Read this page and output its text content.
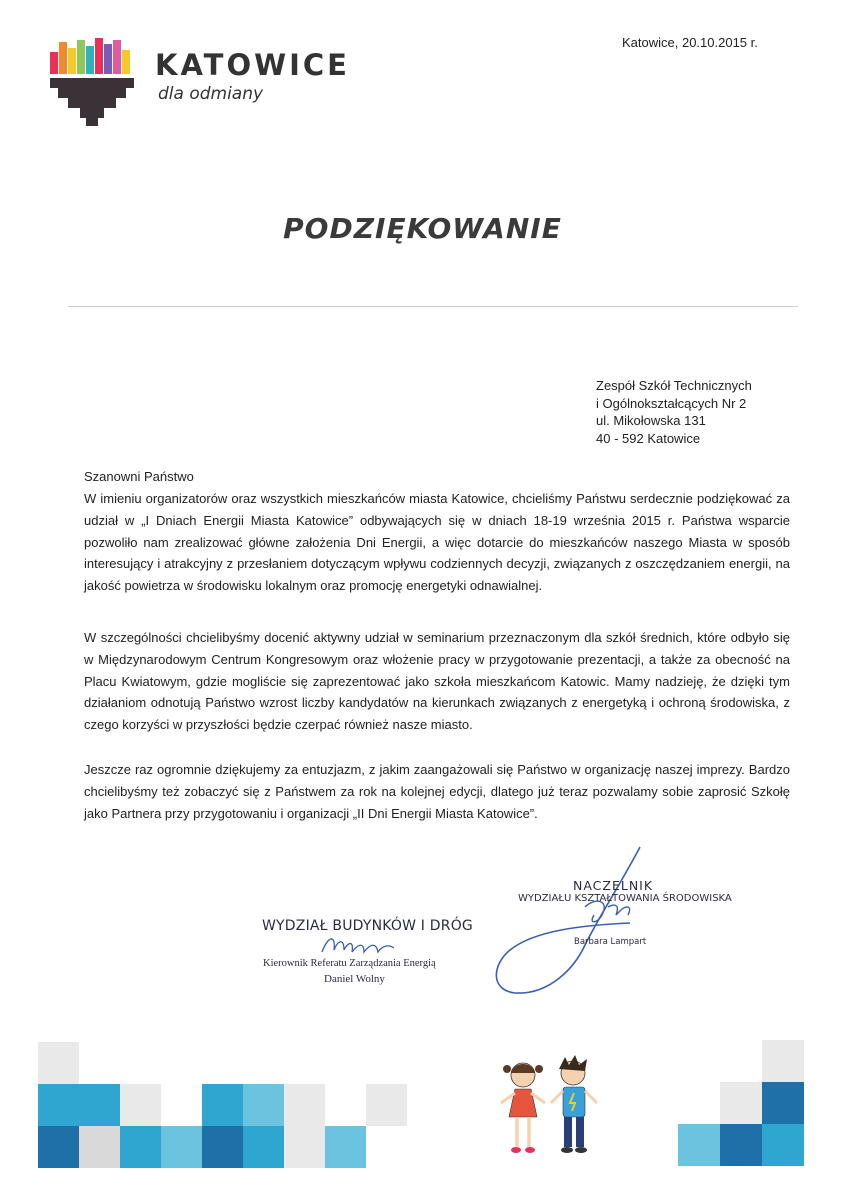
KATOWICE
dla odmiany
Katowice, 20.10.2015 r.
PODZIĘKOWANIE
Zespół Szkół Technicznych
i Ogólnokształcących Nr 2
ul. Mikołowska 131
40 - 592 Katowice
Szanowni Państwo
W imieniu organizatorów oraz wszystkich mieszkańców miasta Katowice, chcieliśmy Państwu serdecznie podziękować za udział w „I Dniach Energii Miasta Katowice” odbywających się w dniach 18-19 września 2015 r. Państwa wsparcie pozwoliło nam zrealizować główne założenia Dni Energii, a więc dotarcie do mieszkańców naszego Miasta w sposób interesujący i atrakcyjny z przesłaniem dotyczącym wpływu codziennych decyzji, związanych z oszczędzaniem energii, na jakość powietrza w środowisku lokalnym oraz promocję energetyki odnawialnej.
W szczególności chcielibyśmy docenić aktywny udział w seminarium przeznaczonym dla szkół średnich, które odbyło się w Międzynarodowym Centrum Kongresowym oraz włożenie pracy w przygotowanie prezentacji, a także za obecność na Placu Kwiatowym, gdzie mogliście się zaprezentować jako szkoła mieszkańcom Katowic. Mamy nadzieję, że dzięki tym działaniom odnotują Państwo wzrost liczby kandydatów na kierunkach związanych z energetyką i ochroną środowiska, z czego korzyści w przyszłości będzie czerpać również nasze miasto.
Jeszcze raz ogromnie dziękujemy za entuzjazm, z jakim zaangażowali się Państwo w organizację naszej imprezy. Bardzo chcielibyśmy też zobaczyć się z Państwem za rok na kolejnej edycji, dlatego już teraz pozwalamy sobie zaprosić Szkołę jako Partnera przy przygotowaniu i organizacji „II Dni Energii Miasta Katowice”.
NACZELNIK
WYDZIAŁU KSZTAŁTOWANIA ŚRODOWISKA
Barbara Lampart
WYDZIAŁ BUDYNKÓW I DRÓG
Kierownik Referatu Zarządzania Energią
Daniel Wolny
